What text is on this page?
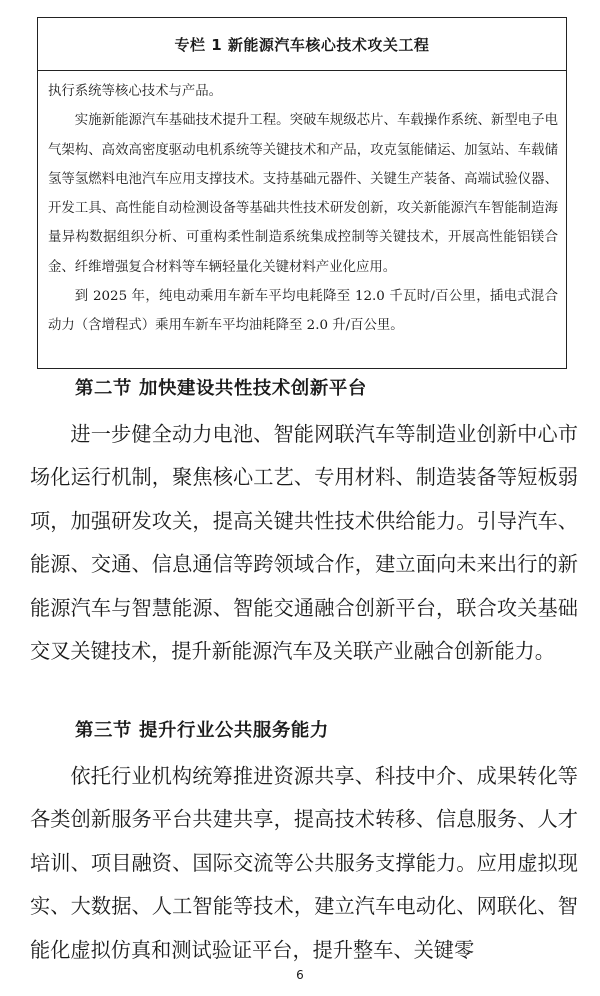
专栏 1 新能源汽车核心技术攻关工程

执行系统等核心技术与产品。

实施新能源汽车基础技术提升工程。突破车规级芯片、车载操作系统、新型电子电气架构、高效高密度驱动电机系统等关键技术和产品，攻克氢能储运、加氢站、车载储氢等氢燃料电池汽车应用支撑技术。支持基础元器件、关键生产装备、高端试验仪器、开发工具、高性能自动检测设备等基础共性技术研发创新，攻关新能源汽车智能制造海量异构数据组织分析、可重构柔性制造系统集成控制等关键技术，开展高性能铝镁合金、纤维增强复合材料等车辆轻量化关键材料产业化应用。

到 2025 年，纯电动乘用车新车平均电耗降至 12.0 千瓦时/百公里，插电式混合动力（含增程式）乘用车新车平均油耗降至 2.0 升/百公里。

第二节 加快建设共性技术创新平台

进一步健全动力电池、智能网联汽车等制造业创新中心市场化运行机制，聚焦核心工艺、专用材料、制造装备等短板弱项，加强研发攻关，提高关键共性技术供给能力。引导汽车、能源、交通、信息通信等跨领域合作，建立面向未来出行的新能源汽车与智慧能源、智能交通融合创新平台，联合攻关基础交叉关键技术，提升新能源汽车及关联产业融合创新能力。

第三节 提升行业公共服务能力

依托行业机构统筹推进资源共享、科技中介、成果转化等各类创新服务平台共建共享，提高技术转移、信息服务、人才培训、项目融资、国际交流等公共服务支撑能力。应用虚拟现实、大数据、人工智能等技术，建立汽车电动化、网联化、智能化虚拟仿真和测试验证平台，提升整车、关键零

6
